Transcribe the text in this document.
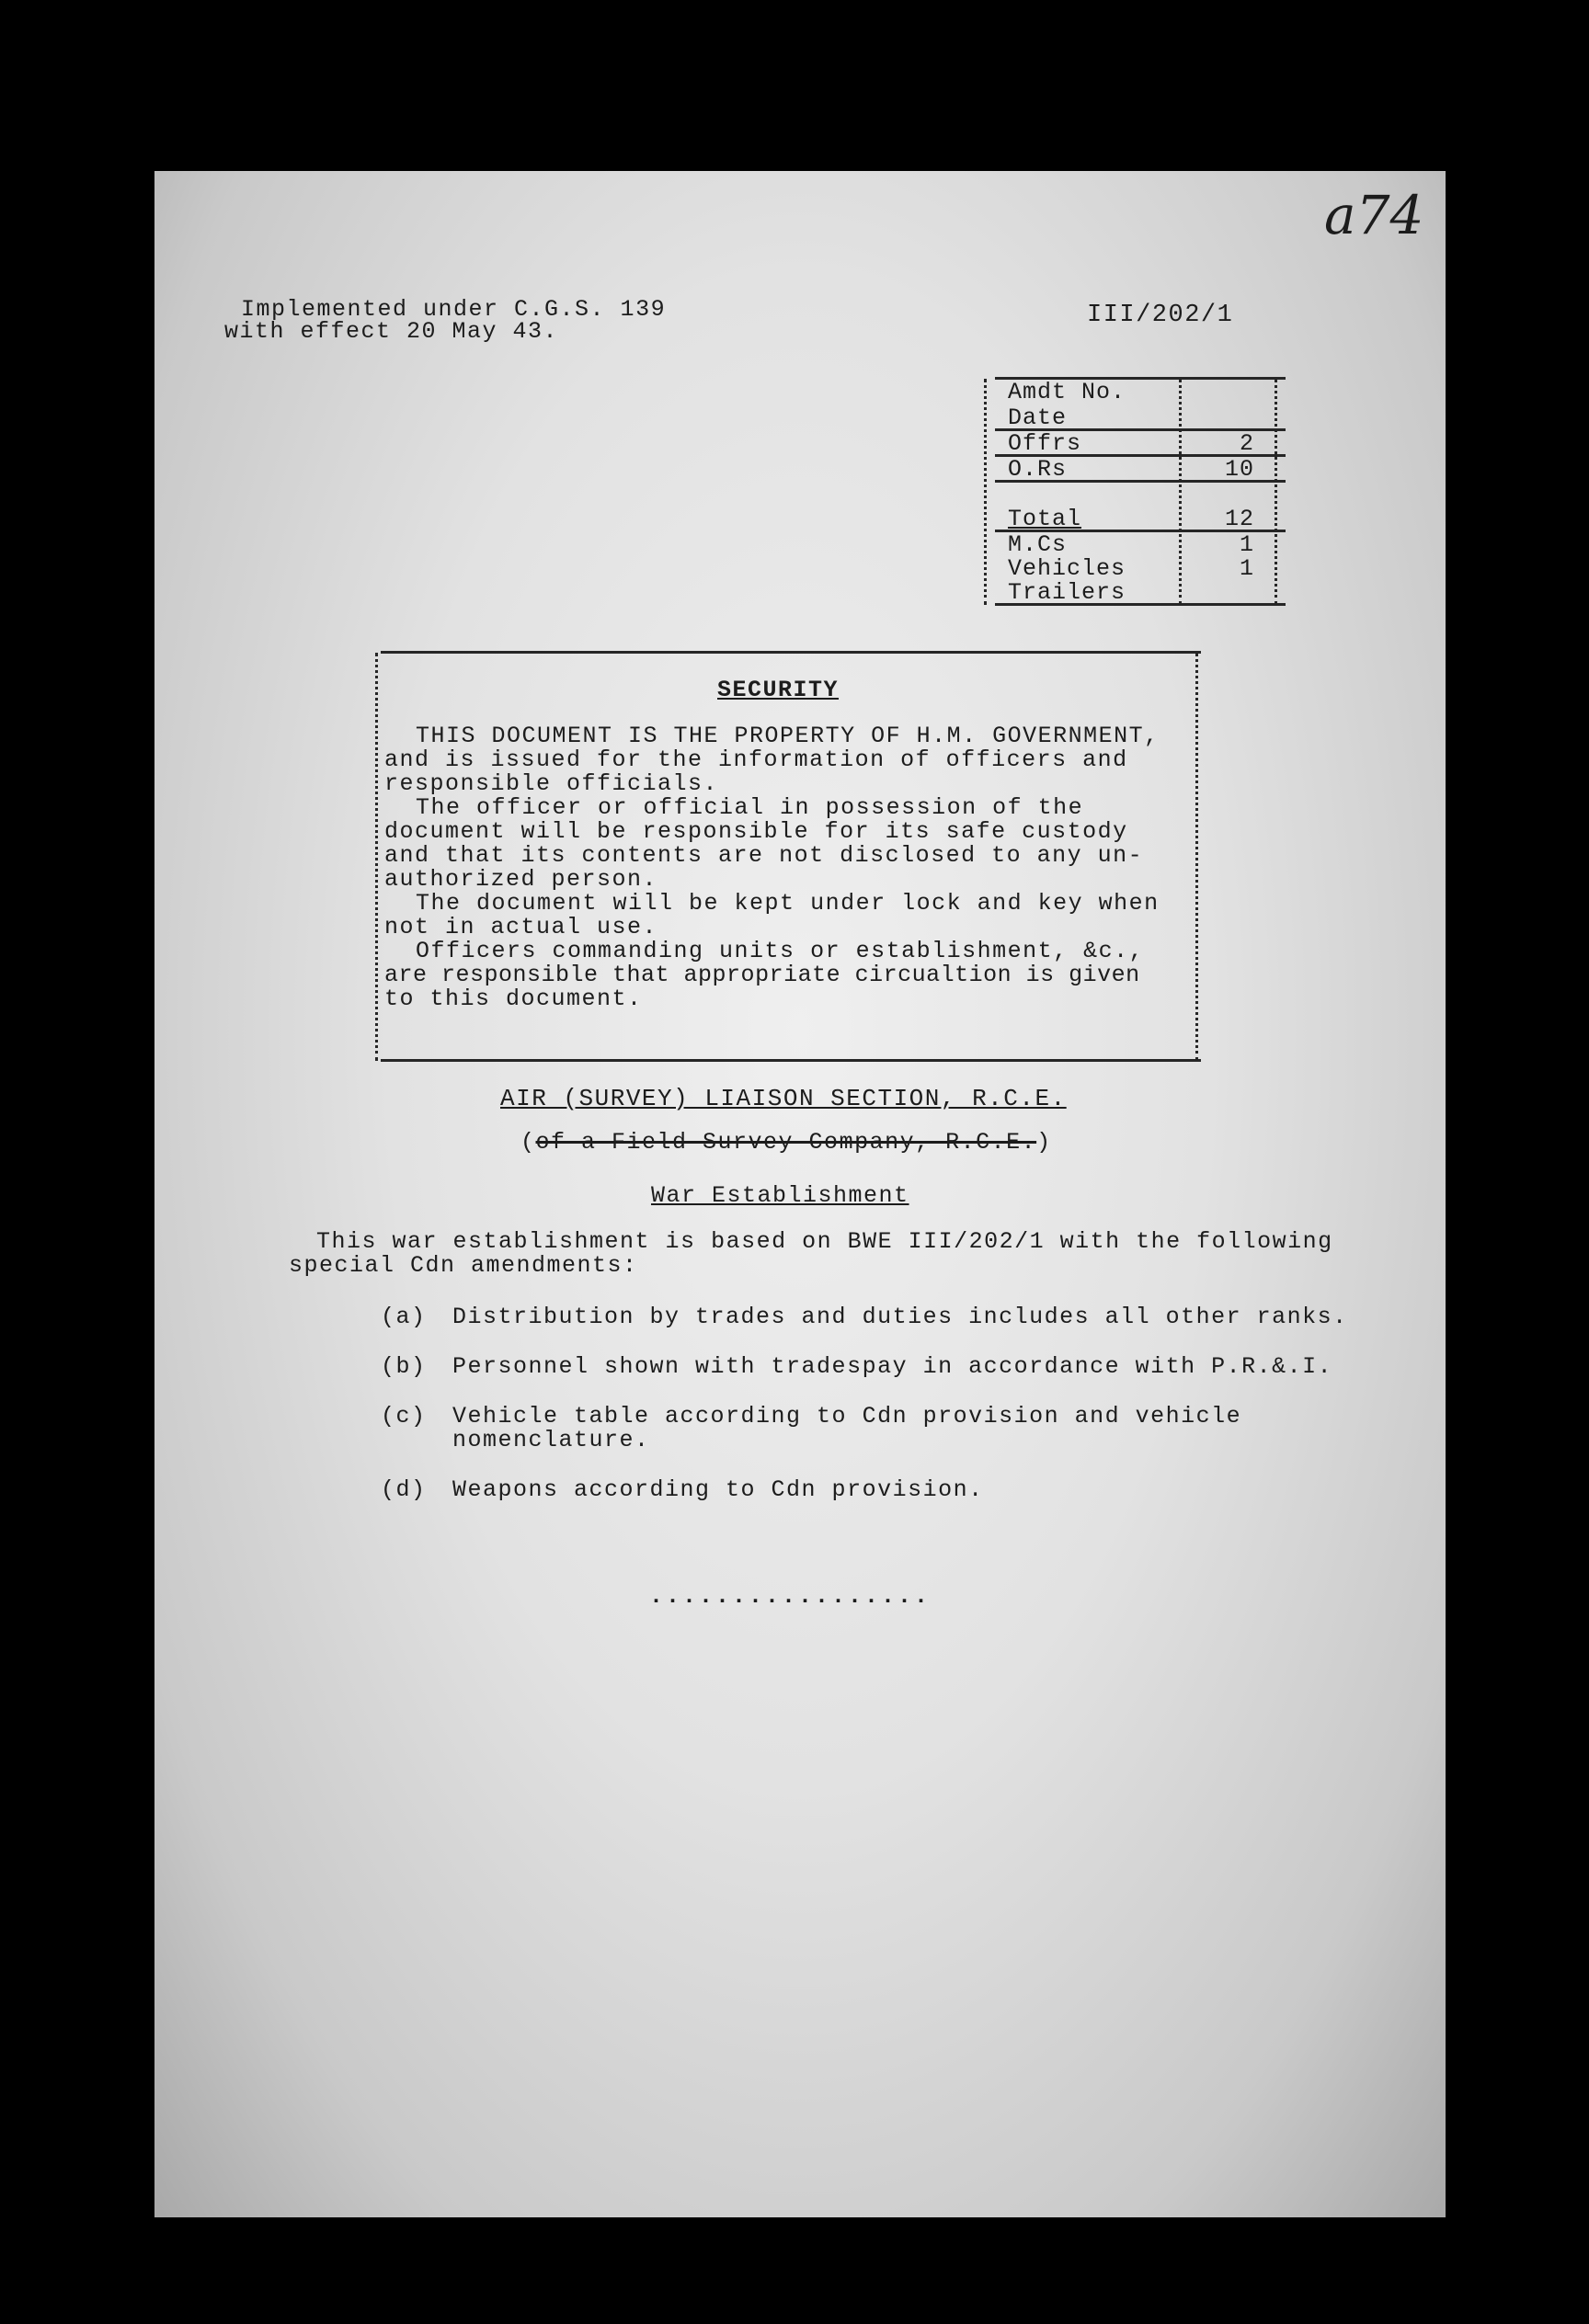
a74
Implemented under C.G.S. 139
with effect 20 May 43.
III/202/1
Amdt No.
Date
Offrs	2
O.Rs	10
Total	12
M.Cs	1
Vehicles	1
Trailers
SECURITY
THIS DOCUMENT IS THE PROPERTY OF H.M. GOVERNMENT,
and is issued for the information of officers and
responsible officials.
The officer or official in possession of the
document will be responsible for its safe custody
and that its contents are not disclosed to any un-
authorized person.
The document will be kept under lock and key when
not in actual use.
Officers commanding units or establishment, &c.,
are responsible that appropriate circualtion is given
to this document.
AIR (SURVEY) LIAISON SECTION, R.C.E.
(of a Field Survey Company, R.C.E.)
War Establishment
This war establishment is based on BWE III/202/1 with the following
special Cdn amendments:
(a) Distribution by trades and duties includes all other ranks.
(b) Personnel shown with tradespay in accordance with P.R.&.I.
(c) Vehicle table according to Cdn provision and vehicle
nomenclature.
(d) Weapons according to Cdn provision.
.................
